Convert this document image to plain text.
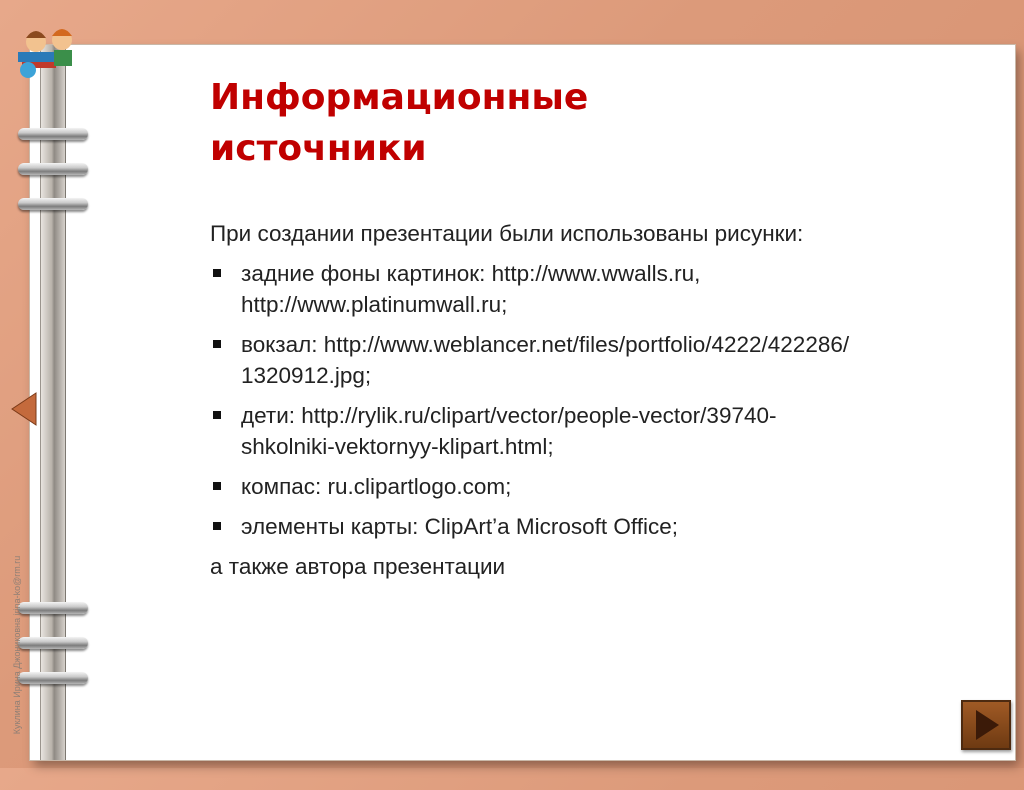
Информационные
источники

При создании презентации были использованы рисунки:

задние фоны картинок: http://www.wwalls.ru, http://www.platinumwall.ru;
вокзал: http://www.weblancer.net/files/portfolio/4222/422286/1320912.jpg;
дети: http://rylik.ru/clipart/vector/people-vector/39740-shkolniki-vektornyy-klipart.html;
компас: ru.clipartlogo.com;
элементы карты: ClipArt’а Microsoft Office;

а также автора презентации

Куклина Ирина Джониковна irina-ko@rm.ru
